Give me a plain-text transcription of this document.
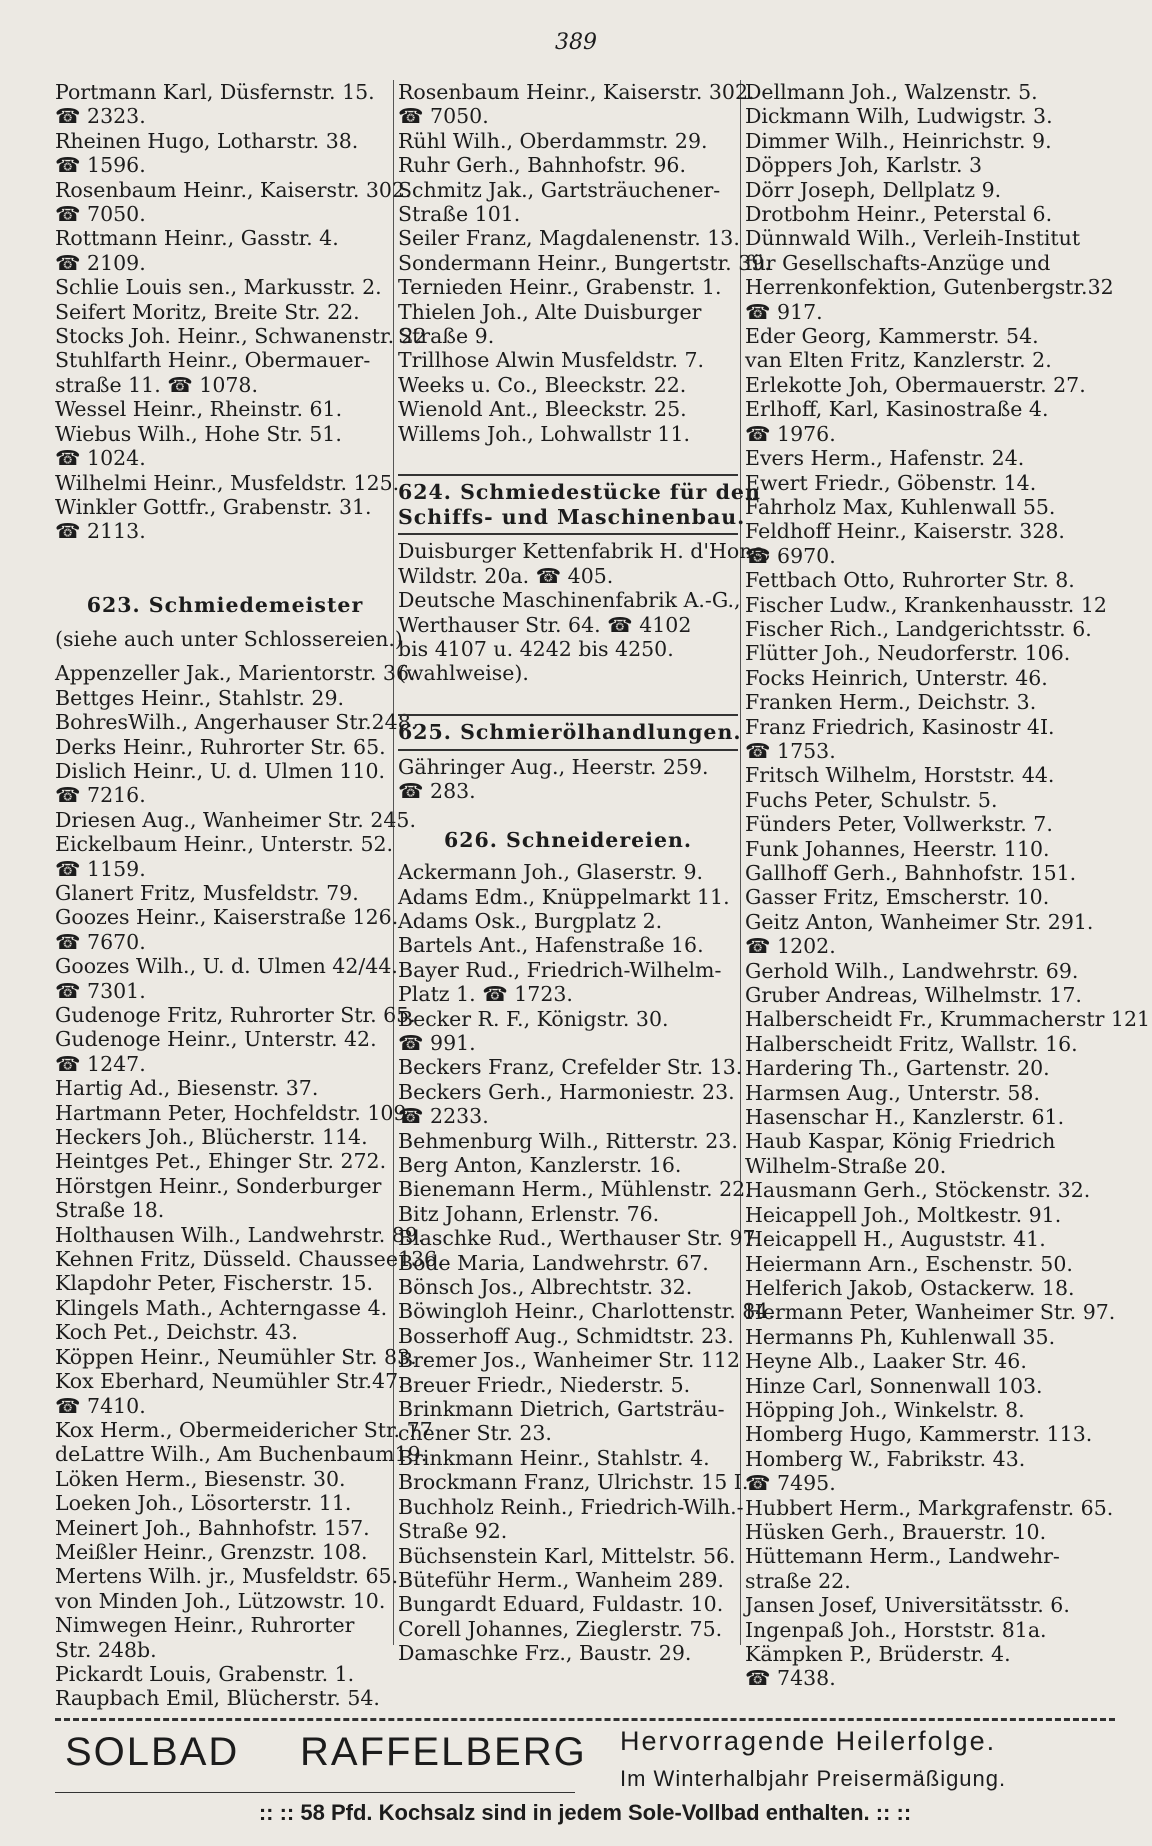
389
Portmann Karl, Düsfernstr. 15.
☎ 2323.
Rheinen Hugo, Lotharstr. 38.
☎ 1596.
Rosenbaum Heinr., Kaiserstr. 302.
☎ 7050.
Rottmann Heinr., Gasstr. 4.
☎ 2109.
Schlie Louis sen., Markusstr. 2.
Seifert Moritz, Breite Str. 22.
Stocks Joh. Heinr., Schwanenstr. 22
Stuhlfarth Heinr., Obermauer-
straße 11. ☎ 1078.
Wessel Heinr., Rheinstr. 61.
Wiebus Wilh., Hohe Str. 51.
☎ 1024.
Wilhelmi Heinr., Musfeldstr. 125.
Winkler Gottfr., Grabenstr. 31.
☎ 2113.
623. Schmiedemeister
(siehe auch unter Schlossereien.)
Appenzeller Jak., Marientorstr. 36.
Bettges Heinr., Stahlstr. 29.
BohresWilh., Angerhauser Str.248.
Derks Heinr., Ruhrorter Str. 65.
Dislich Heinr., U. d. Ulmen 110.
☎ 7216.
Driesen Aug., Wanheimer Str. 245.
Eickelbaum Heinr., Unterstr. 52.
☎ 1159.
Glanert Fritz, Musfeldstr. 79.
Goozes Heinr., Kaiserstraße 126.
☎ 7670.
Goozes Wilh., U. d. Ulmen 42/44.
☎ 7301.
Gudenoge Fritz, Ruhrorter Str. 65.
Gudenoge Heinr., Unterstr. 42.
☎ 1247.
Hartig Ad., Biesenstr. 37.
Hartmann Peter, Hochfeldstr. 109.
Heckers Joh., Blücherstr. 114.
Heintges Pet., Ehinger Str. 272.
Hörstgen Heinr., Sonderburger
Straße 18.
Holthausen Wilh., Landwehrstr. 89.
Kehnen Fritz, Düsseld. Chaussee136.
Klapdohr Peter, Fischerstr. 15.
Klingels Math., Achterngasse 4.
Koch Pet., Deichstr. 43.
Köppen Heinr., Neumühler Str. 83.
Kox Eberhard, Neumühler Str.47.
☎ 7410.
Kox Herm., Obermeidericher Str. 77
deLattre Wilh., Am Buchenbaum19.
Löken Herm., Biesenstr. 30.
Loeken Joh., Lösorterstr. 11.
Meinert Joh., Bahnhofstr. 157.
Meißler Heinr., Grenzstr. 108.
Mertens Wilh. jr., Musfeldstr. 65.
von Minden Joh., Lützowstr. 10.
Nimwegen Heinr., Ruhrorter
Str. 248b.
Pickardt Louis, Grabenstr. 1.
Raupbach Emil, Blücherstr. 54.
Rosenbaum Heinr., Kaiserstr. 302.
☎ 7050.
Rühl Wilh., Oberdammstr. 29.
Ruhr Gerh., Bahnhofstr. 96.
Schmitz Jak., Gartsträuchener-
Straße 101.
Seiler Franz, Magdalenenstr. 13.
Sondermann Heinr., Bungertstr. 39.
Ternieden Heinr., Grabenstr. 1.
Thielen Joh., Alte Duisburger
Straße 9.
Trillhose Alwin Musfeldstr. 7.
Weeks u. Co., Bleeckstr. 22.
Wienold Ant., Bleeckstr. 25.
Willems Joh., Lohwallstr 11.
624. Schmiedestücke für den
Schiffs- und Maschinenbau.
Duisburger Kettenfabrik H. d'Hone,
Wildstr. 20a. ☎ 405.
Deutsche Maschinenfabrik A.-G.,
Werthauser Str. 64. ☎ 4102
bis 4107 u. 4242 bis 4250.
(wahlweise).
625. Schmierölhandlungen.
Gähringer Aug., Heerstr. 259.
☎ 283.
626. Schneidereien.
Ackermann Joh., Glaserstr. 9.
Adams Edm., Knüppelmarkt 11.
Adams Osk., Burgplatz 2.
Bartels Ant., Hafenstraße 16.
Bayer Rud., Friedrich-Wilhelm-
Platz 1. ☎ 1723.
Becker R. F., Königstr. 30.
☎ 991.
Beckers Franz, Crefelder Str. 13.
Beckers Gerh., Harmoniestr. 23.
☎ 2233.
Behmenburg Wilh., Ritterstr. 23.
Berg Anton, Kanzlerstr. 16.
Bienemann Herm., Mühlenstr. 22.
Bitz Johann, Erlenstr. 76.
Blaschke Rud., Werthauser Str. 97.
Bode Maria, Landwehrstr. 67.
Bönsch Jos., Albrechtstr. 32.
Böwingloh Heinr., Charlottenstr. 84.
Bosserhoff Aug., Schmidtstr. 23.
Bremer Jos., Wanheimer Str. 112
Breuer Friedr., Niederstr. 5.
Brinkmann Dietrich, Gartsträu-
chener Str. 23.
Brinkmann Heinr., Stahlstr. 4.
Brockmann Franz, Ulrichstr. 15 I.
Buchholz Reinh., Friedrich-Wilh.-
Straße 92.
Büchsenstein Karl, Mittelstr. 56.
Büteführ Herm., Wanheim 289.
Bungardt Eduard, Fuldastr. 10.
Corell Johannes, Zieglerstr. 75.
Damaschke Frz., Baustr. 29.
Dellmann Joh., Walzenstr. 5.
Dickmann Wilh, Ludwigstr. 3.
Dimmer Wilh., Heinrichstr. 9.
Döppers Joh, Karlstr. 3
Dörr Joseph, Dellplatz 9.
Drotbohm Heinr., Peterstal 6.
Dünnwald Wilh., Verleih-Institut
für Gesellschafts-Anzüge und
Herrenkonfektion, Gutenbergstr.32
☎ 917.
Eder Georg, Kammerstr. 54.
van Elten Fritz, Kanzlerstr. 2.
Erlekotte Joh, Obermauerstr. 27.
Erlhoff, Karl, Kasinostraße 4.
☎ 1976.
Evers Herm., Hafenstr. 24.
Ewert Friedr., Göbenstr. 14.
Fahrholz Max, Kuhlenwall 55.
Feldhoff Heinr., Kaiserstr. 328.
☎ 6970.
Fettbach Otto, Ruhrorter Str. 8.
Fischer Ludw., Krankenhausstr. 12
Fischer Rich., Landgerichtsstr. 6.
Flütter Joh., Neudorferstr. 106.
Focks Heinrich, Unterstr. 46.
Franken Herm., Deichstr. 3.
Franz Friedrich, Kasinostr 4I.
☎ 1753.
Fritsch Wilhelm, Horststr. 44.
Fuchs Peter, Schulstr. 5.
Fünders Peter, Vollwerkstr. 7.
Funk Johannes, Heerstr. 110.
Gallhoff Gerh., Bahnhofstr. 151.
Gasser Fritz, Emscherstr. 10.
Geitz Anton, Wanheimer Str. 291.
☎ 1202.
Gerhold Wilh., Landwehrstr. 69.
Gruber Andreas, Wilhelmstr. 17.
Halberscheidt Fr., Krummacherstr 121
Halberscheidt Fritz, Wallstr. 16.
Hardering Th., Gartenstr. 20.
Harmsen Aug., Unterstr. 58.
Hasenschar H., Kanzlerstr. 61.
Haub Kaspar, König Friedrich
Wilhelm-Straße 20.
Hausmann Gerh., Stöckenstr. 32.
Heicappell Joh., Moltkestr. 91.
Heicappell H., Auguststr. 41.
Heiermann Arn., Eschenstr. 50.
Helferich Jakob, Ostackerw. 18.
Hermann Peter, Wanheimer Str. 97.
Hermanns Ph, Kuhlenwall 35.
Heyne Alb., Laaker Str. 46.
Hinze Carl, Sonnenwall 103.
Höpping Joh., Winkelstr. 8.
Homberg Hugo, Kammerstr. 113.
Homberg W., Fabrikstr. 43.
☎ 7495.
Hubbert Herm., Markgrafenstr. 65.
Hüsken Gerh., Brauerstr. 10.
Hüttemann Herm., Landwehr-
straße 22.
Jansen Josef, Universitätsstr. 6.
Ingenpaß Joh., Horststr. 81a.
Kämpken P., Brüderstr. 4.
☎ 7438.
SOLBAD RAFFELBERG Hervorragende Heilerfolge.
Im Winterhalbjahr Preisermäßigung.
:: :: 58 Pfd. Kochsalz sind in jedem Sole-Vollbad enthalten. :: ::
